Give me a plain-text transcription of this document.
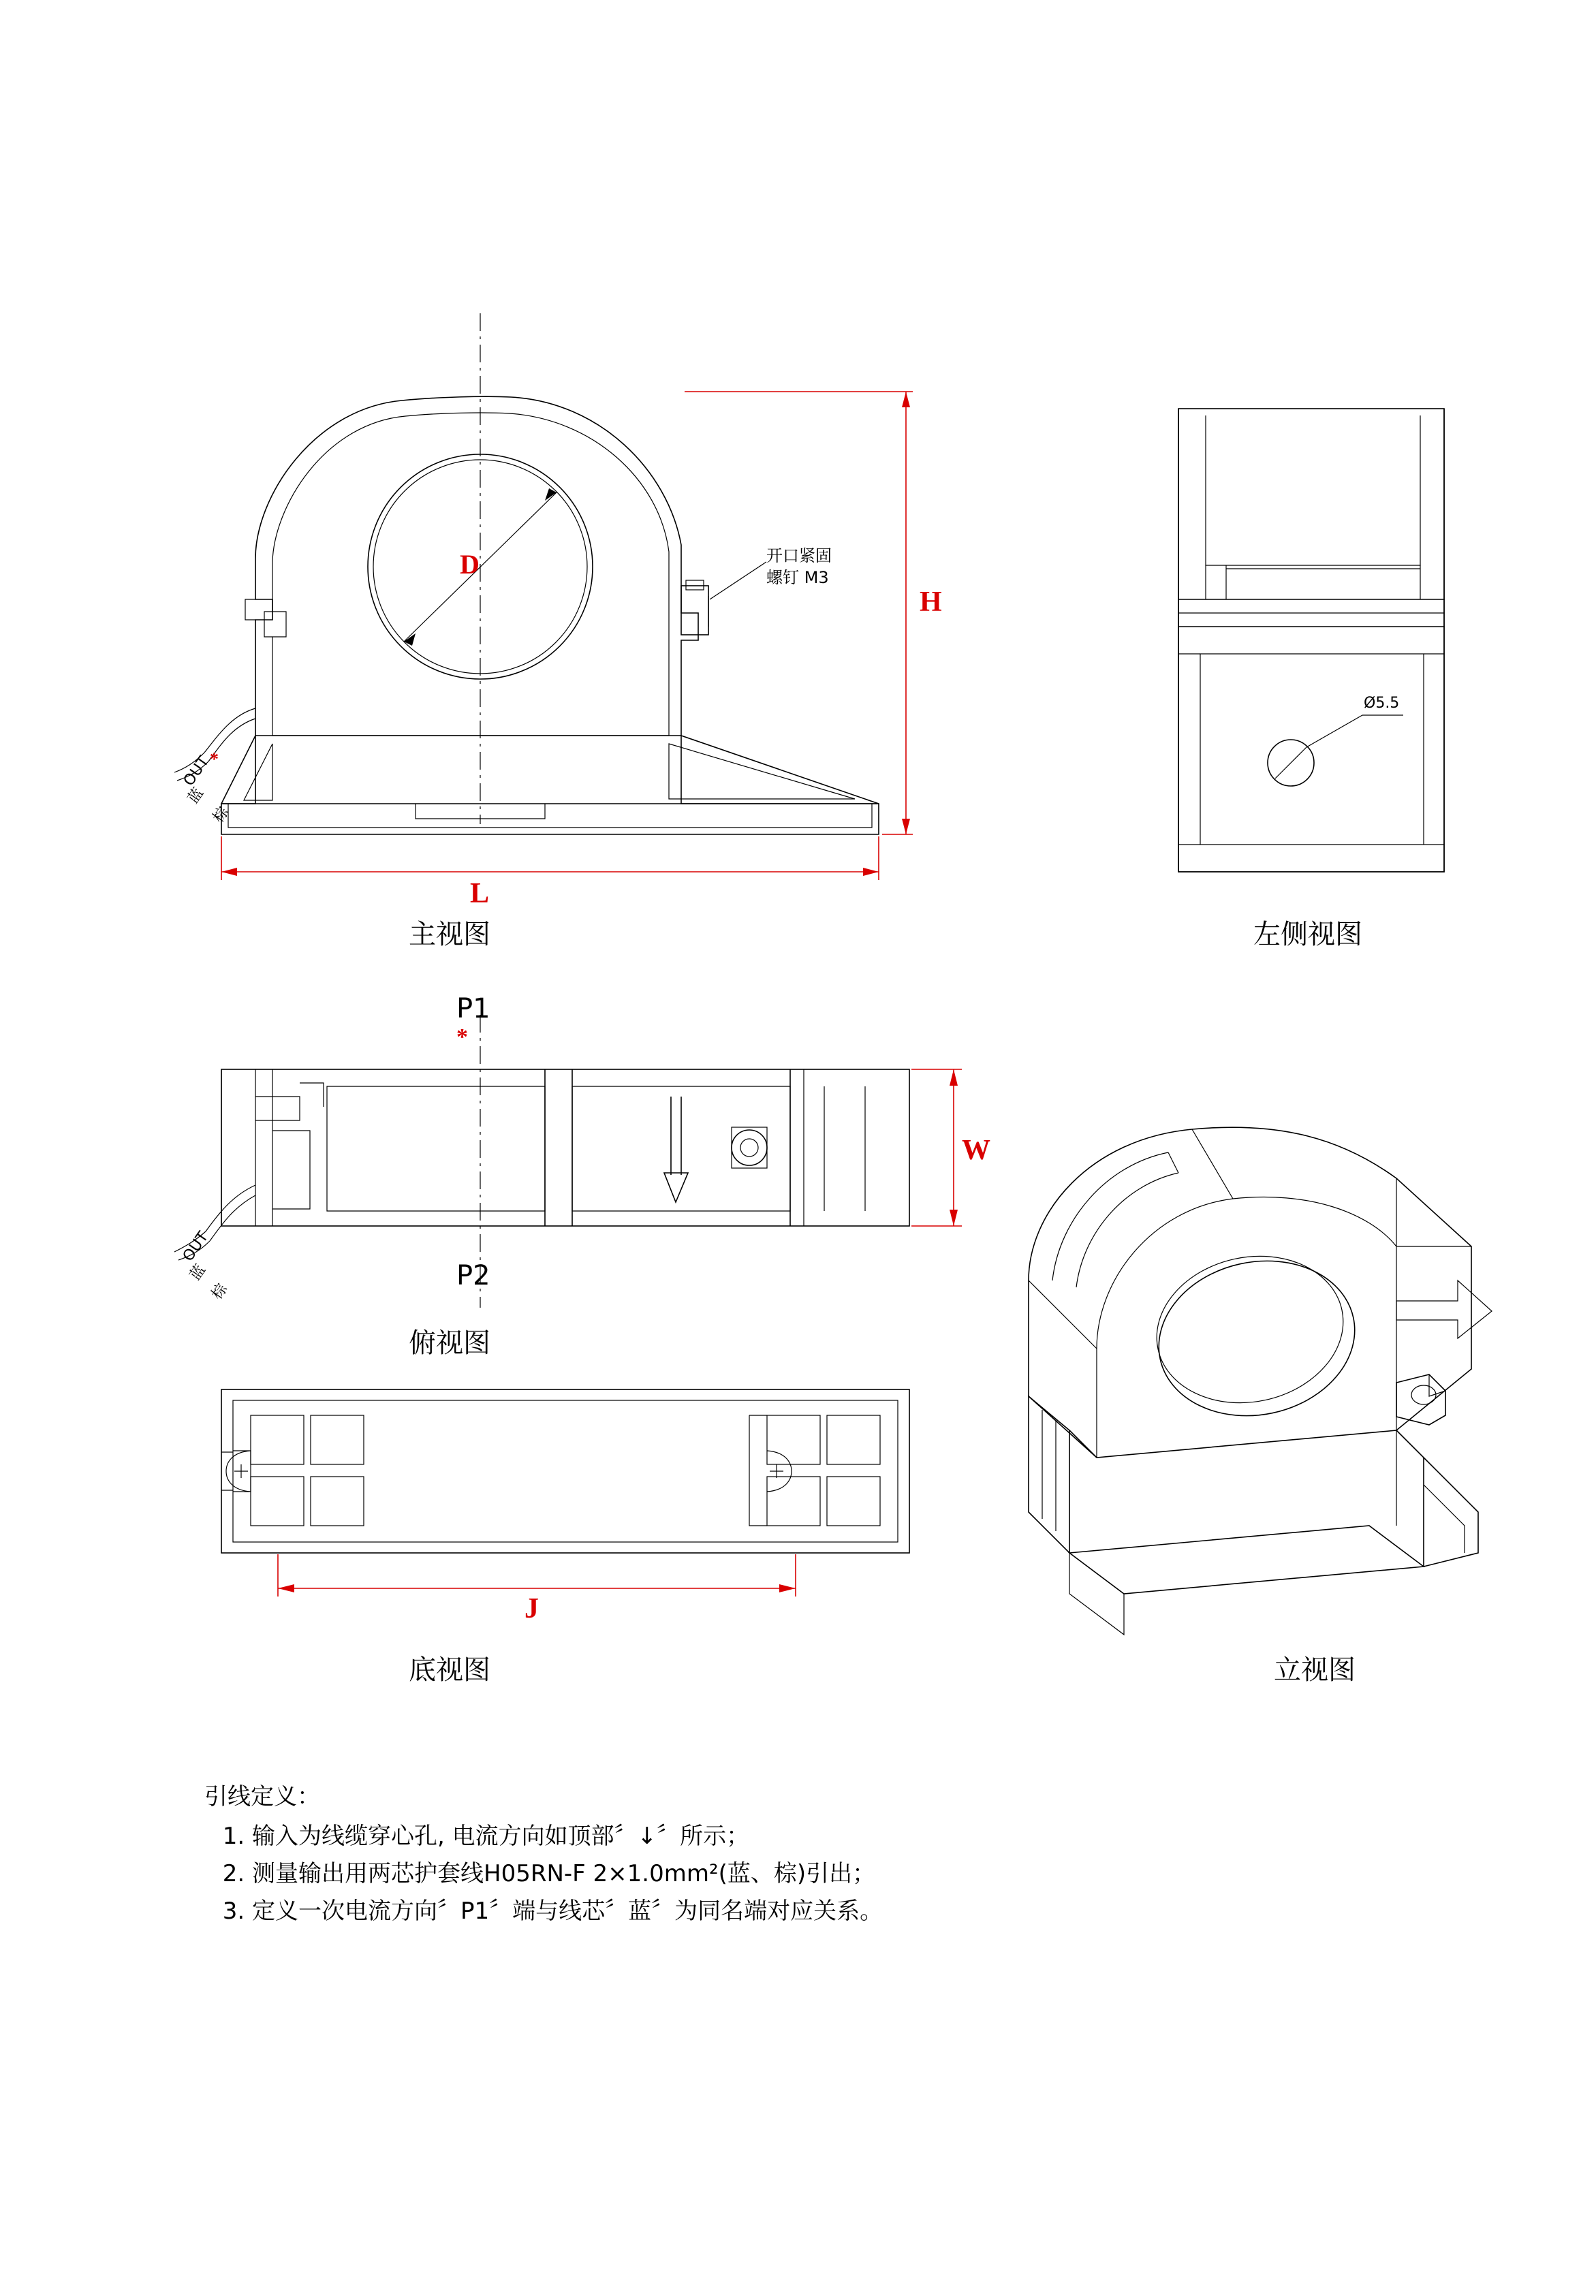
H
L
D	开口紧固
螺钉 M3
OUT
*
蓝
棕
主视图
Ø5.5
左侧视图
W
P1
*
P2
OUT
蓝
棕
俯视图
J
底视图	立视图
引线定义：
1. 输入为线缆穿心孔, 电流方向如顶部〞↓〞所示；
2. 测量输出用两芯护套线H05RN-F 2×1.0mm²(蓝、棕)引出；
3. 定义一次电流方向〞P1〞端与线芯〞蓝〞为同名端对应关系。
